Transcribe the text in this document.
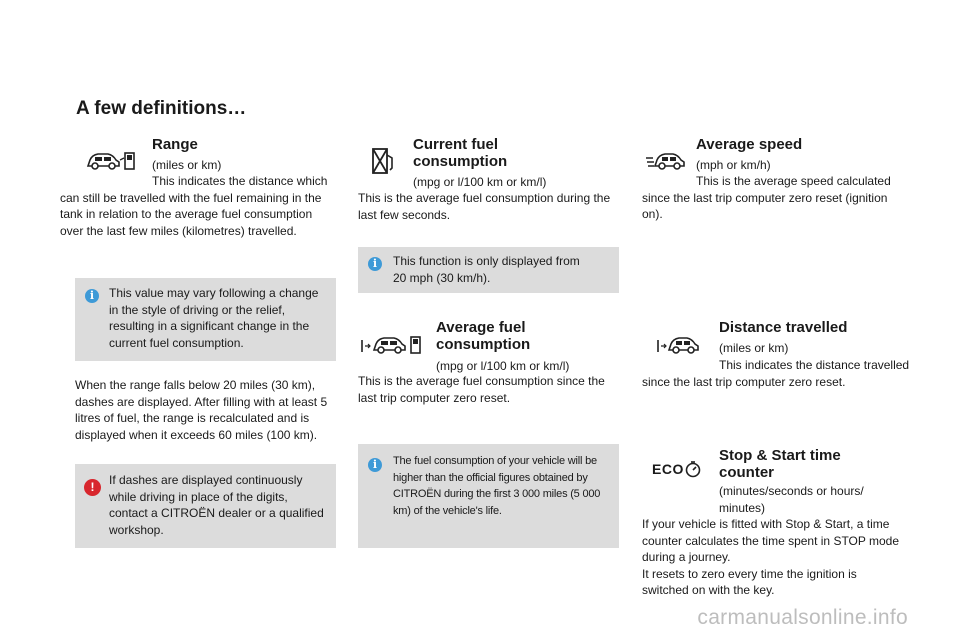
A few definitions…
Range
(miles or km)
This indicates the distance which can still be travelled with the fuel remaining in the tank in relation to the average fuel consumption over the last few miles (kilometres) travelled.
i	This value may vary following a change in the style of driving or the relief, resulting in a significant change in the current fuel consumption.
When the range falls below 20 miles (30 km), dashes are displayed. After filling with at least 5 litres of fuel, the range is recalculated and is displayed when it exceeds 60 miles (100 km).
!	If dashes are displayed continuously while driving in place of the digits, contact a CITROËN dealer or a qualified workshop.
Current fuel
consumption
(mpg or l/100 km or km/l)
This is the average fuel consumption during the last few seconds.
i	This function is only displayed from 20 mph (30 km/h).
Average fuel
consumption
(mpg or l/100 km or km/l)
This is the average fuel consumption since the last trip computer zero reset.
i	The fuel consumption of your vehicle will be higher than the official figures obtained by CITROËN during the first 3 000 miles (5 000 km) of the vehicle's life.
Average speed
(mph or km/h)
This is the average speed calculated since the last trip computer zero reset (ignition on).
Distance travelled
(miles or km)
This indicates the distance travelled since the last trip computer zero reset.
ECO
Stop & Start time
counter
(minutes/seconds or hours/
minutes)
If your vehicle is fitted with Stop & Start, a time counter calculates the time spent in STOP mode during a journey.
It resets to zero every time the ignition is switched on with the key.
carmanualsonline.info
